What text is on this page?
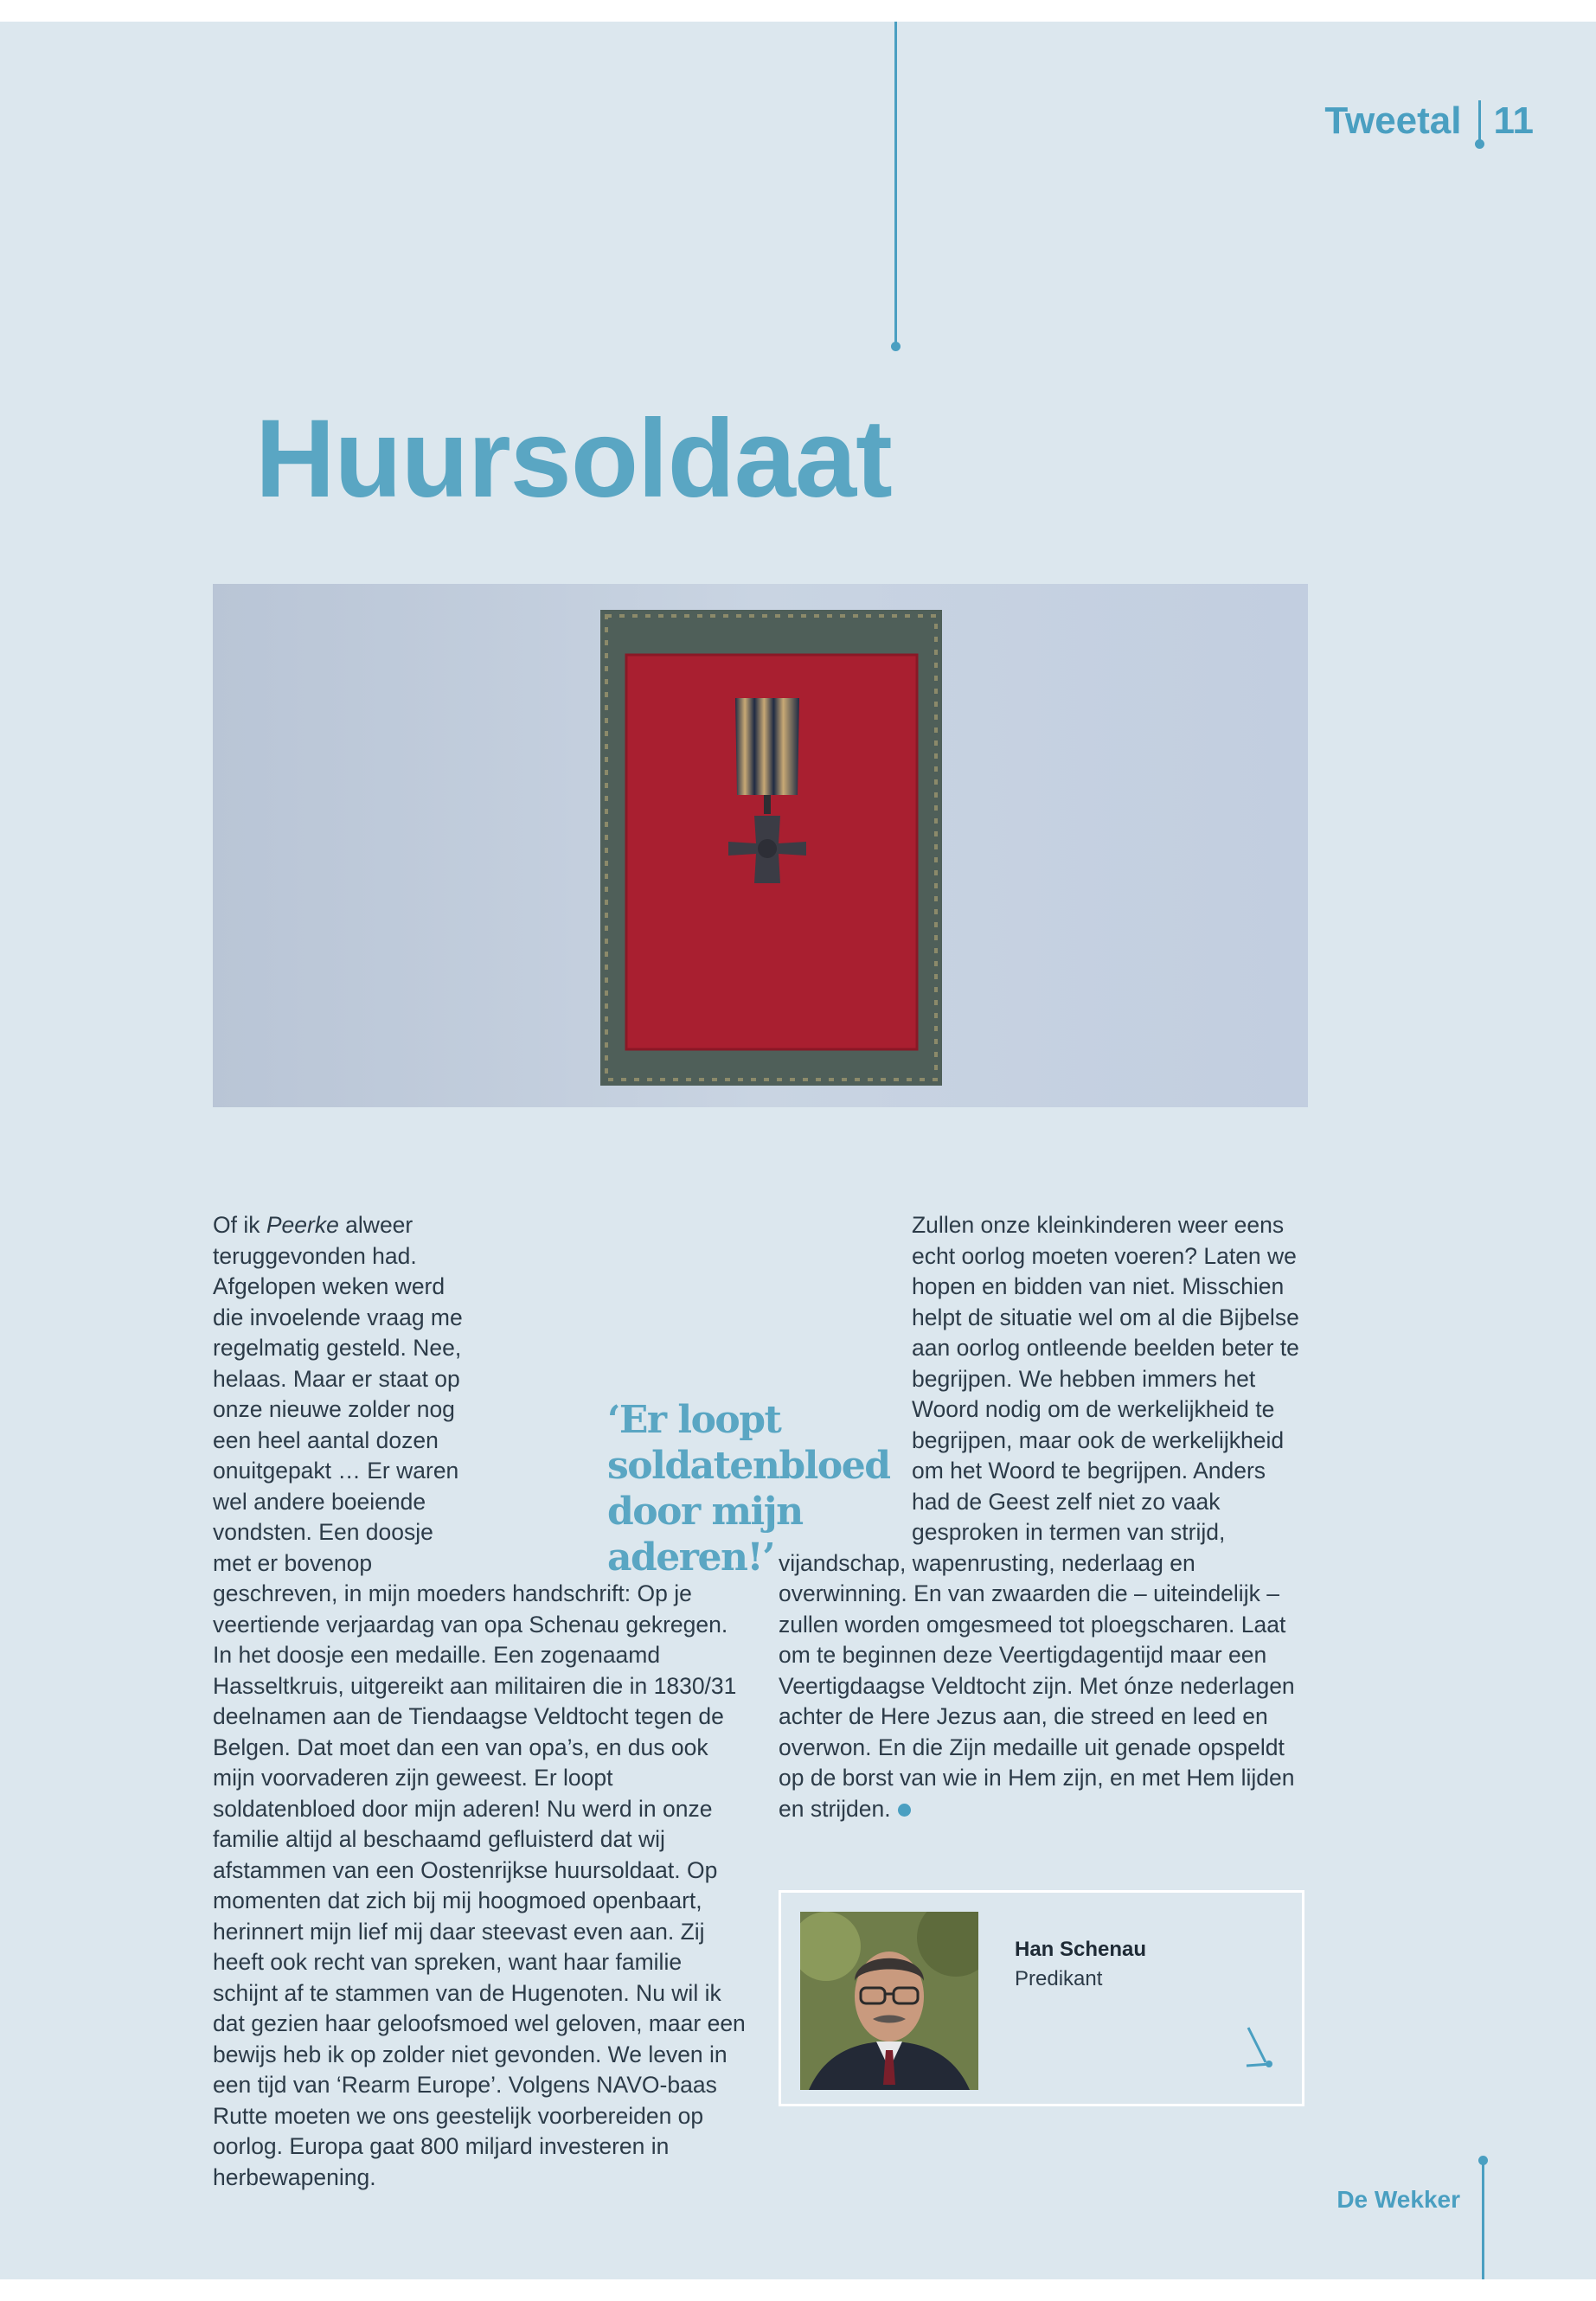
Tweetal 11
Huursoldaat

Of ik Peerke alweer teruggevonden had. Afgelopen weken werd die invoelende vraag me regelmatig gesteld. Nee, helaas. Maar er staat op onze nieuwe zolder nog een heel aantal dozen onuitgepakt … Er waren wel andere boeiende vondsten. Een doosje met er bovenop geschreven, in mijn moeders handschrift: Op je veertiende verjaardag van opa Schenau gekregen. In het doosje een medaille. Een zogenaamd Hasseltkruis, uitgereikt aan militairen die in 1830/31 deelnamen aan de Tiendaagse Veldtocht tegen de Belgen. Dat moet dan een van opa’s, en dus ook mijn voorvaderen zijn geweest. Er loopt soldatenbloed door mijn aderen! Nu werd in onze familie altijd al beschaamd gefluisterd dat wij afstammen van een Oostenrijkse huursoldaat. Op momenten dat zich bij mij hoogmoed openbaart, herinnert mijn lief mij daar steevast even aan. Zij heeft ook recht van spreken, want haar familie schijnt af te stammen van de Hugenoten. Nu wil ik dat gezien haar geloofsmoed wel geloven, maar een bewijs heb ik op zolder niet gevonden. We leven in een tijd van ‘Rearm Europe’. Volgens NAVO-baas Rutte moeten we ons geestelijk voorbereiden op oorlog. Europa gaat 800 miljard investeren in herbewapening.

‘Er loopt soldatenbloed door mijn aderen!’

Zullen onze kleinkinderen weer eens echt oorlog moeten voeren? Laten we hopen en bidden van niet. Misschien helpt de situatie wel om al die Bijbelse aan oorlog ontleende beelden beter te begrijpen. We hebben immers het Woord nodig om de werkelijkheid te begrijpen, maar ook de werkelijkheid om het Woord te begrijpen. Anders had de Geest zelf niet zo vaak gesproken in termen van strijd, vijandschap, wapenrusting, nederlaag en overwinning. En van zwaarden die – uiteindelijk – zullen worden omgesmeed tot ploegscharen. Laat om te beginnen deze Veertigdagentijd maar een Veertigdaagse Veldtocht zijn. Met ónze nederlagen achter de Here Jezus aan, die streed en leed en overwon. En die Zijn medaille uit genade opspeldt op de borst van wie in Hem zijn, en met Hem lijden en strijden.

Han Schenau
Predikant
De Wekker
